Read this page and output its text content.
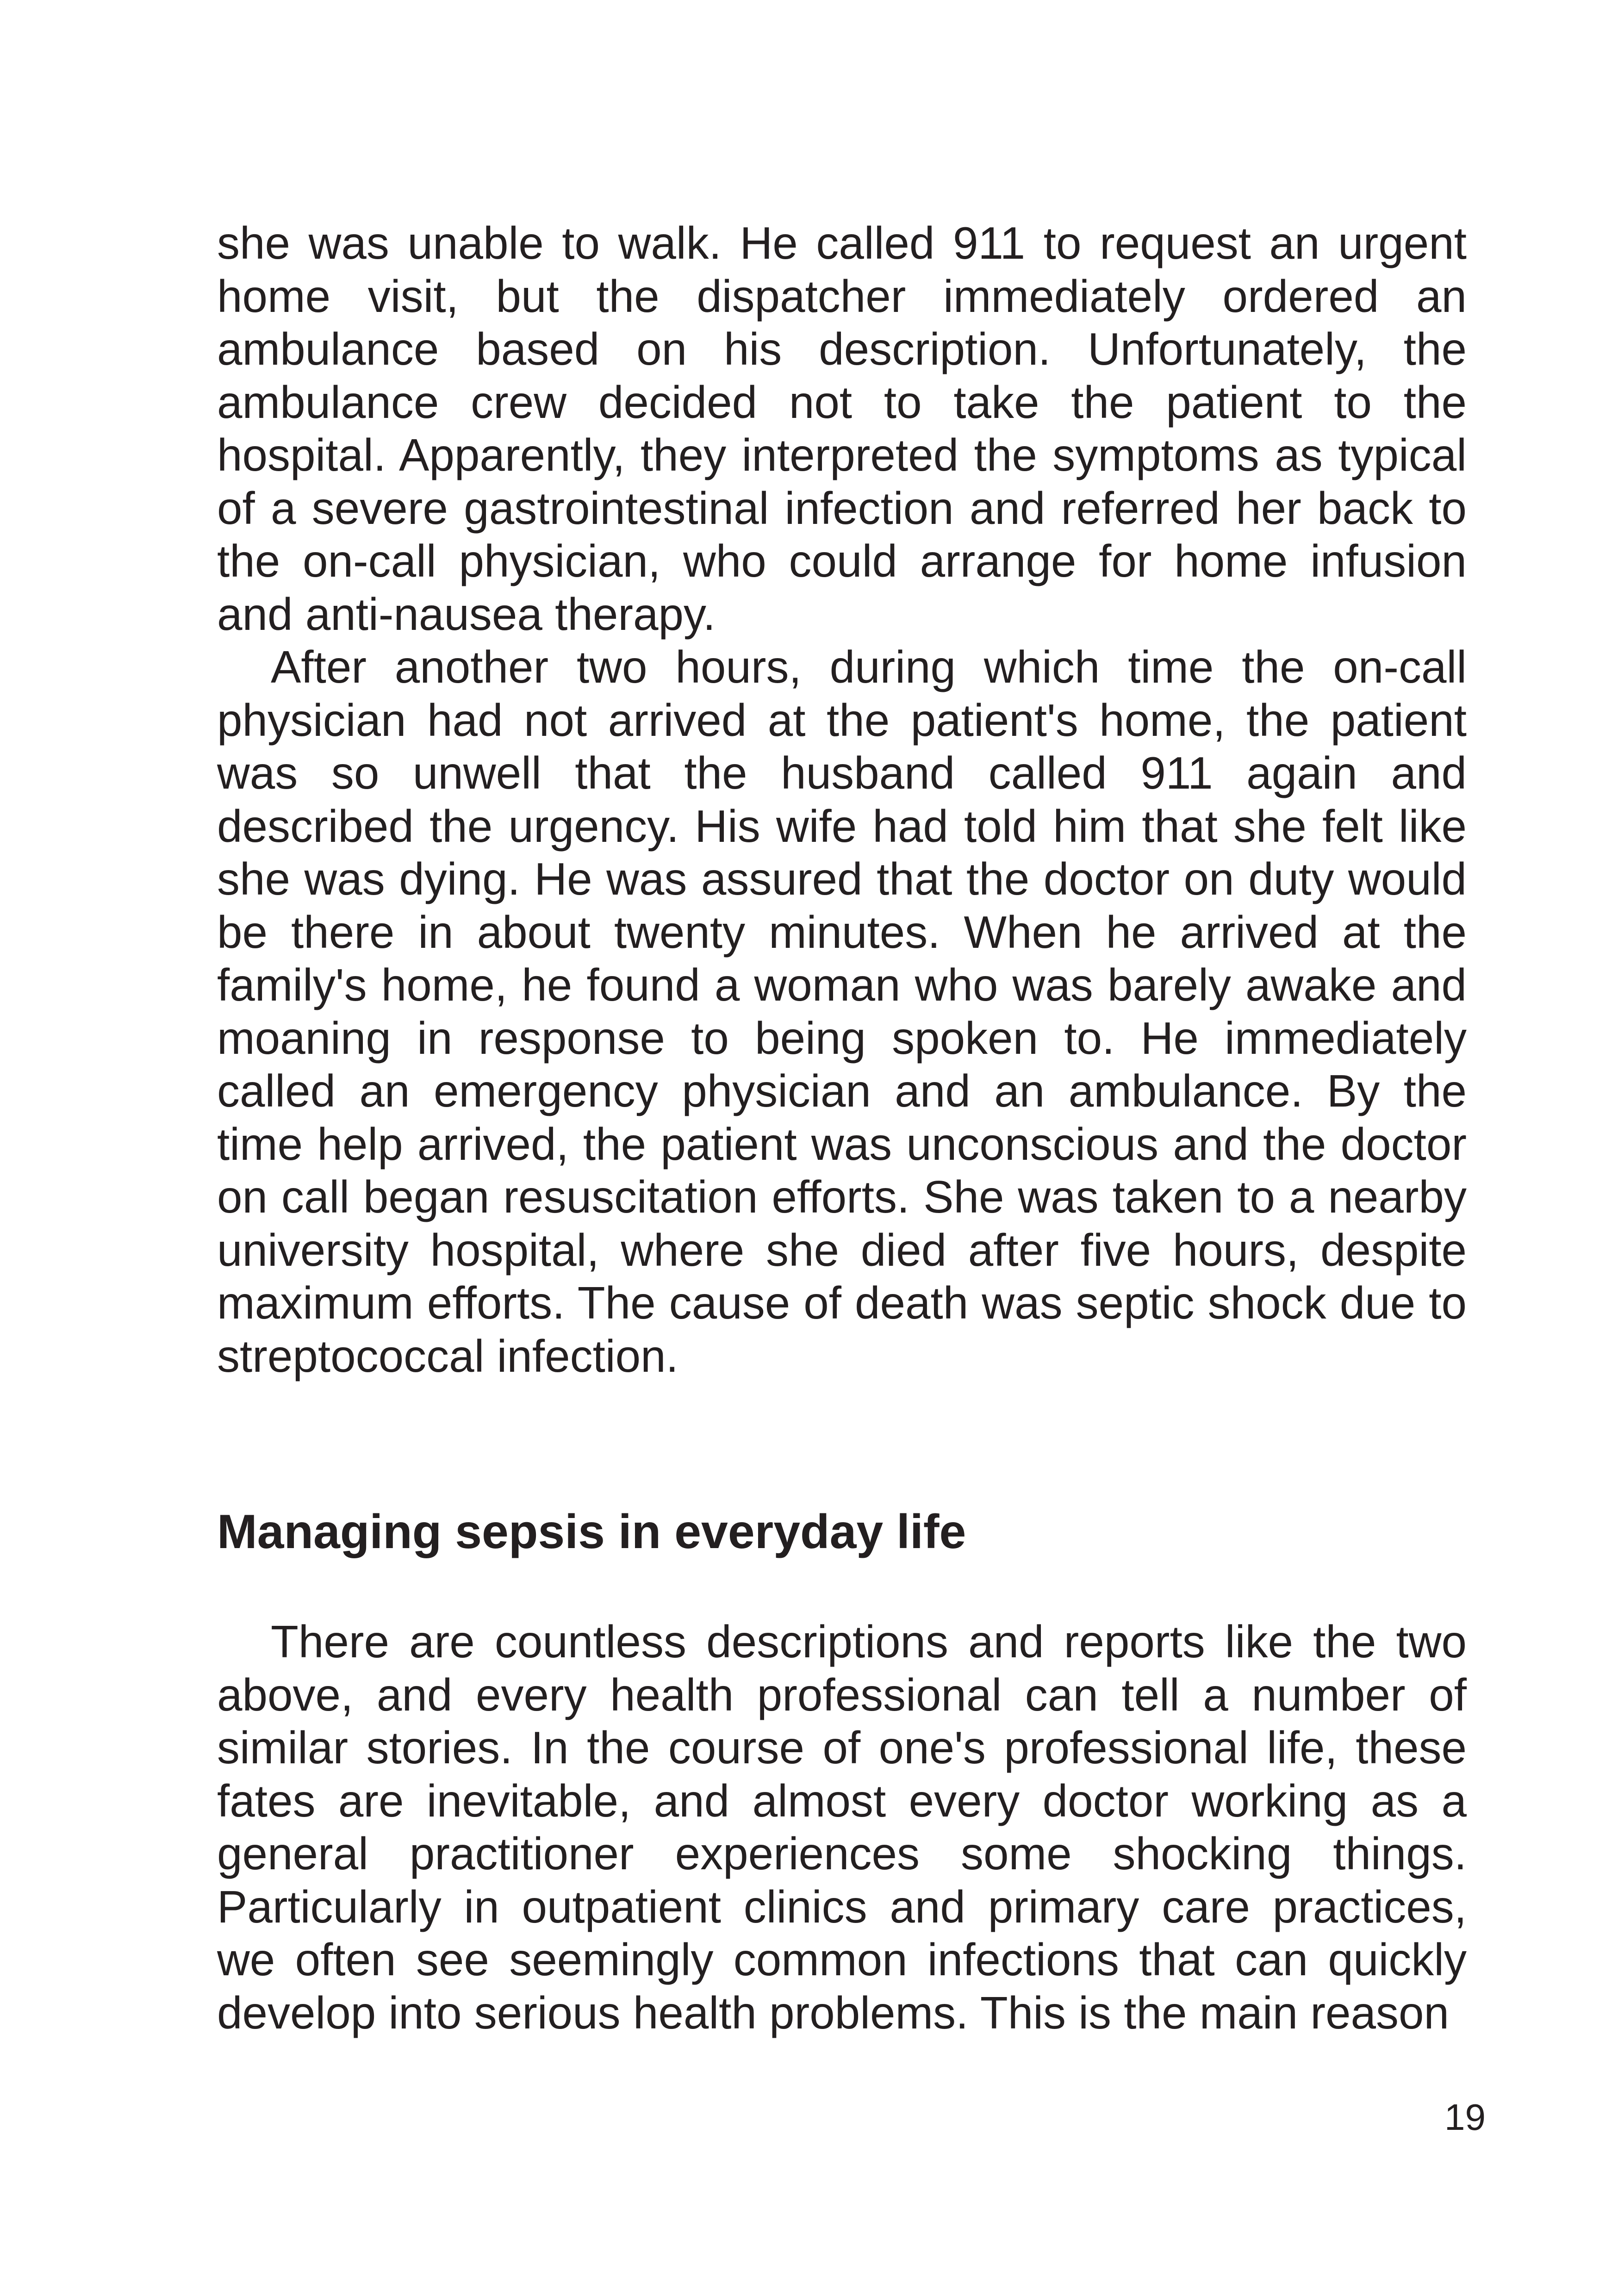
she was unable to walk. He called 911 to request an urgent home visit, but the dispatcher immediately ordered an ambulance based on his description. Unfortunately, the ambulance crew decided not to take the patient to the hospital. Apparently, they interpreted the symptoms as typical of a severe gastrointestinal infection and referred her back to the on-call physician, who could arrange for home infusion and anti-nausea therapy.

After another two hours, during which time the on-call physician had not arrived at the patient's home, the patient was so unwell that the husband called 911 again and described the urgency. His wife had told him that she felt like she was dying. He was assured that the doctor on duty would be there in about twenty minutes. When he arrived at the family's home, he found a woman who was barely awake and moaning in response to being spoken to. He immediately called an emergency physician and an ambulance. By the time help arrived, the patient was unconscious and the doctor on call began resuscitation efforts. She was taken to a nearby university hospital, where she died after five hours, despite maximum efforts. The cause of death was septic shock due to streptococcal infection.

Managing sepsis in everyday life

There are countless descriptions and reports like the two above, and every health professional can tell a number of similar stories. In the course of one's professional life, these fates are inevitable, and almost every doctor working as a general practitioner experiences some shocking things. Particularly in outpatient clinics and primary care practices, we often see seemingly common infections that can quickly develop into serious health problems. This is the main reason

19
